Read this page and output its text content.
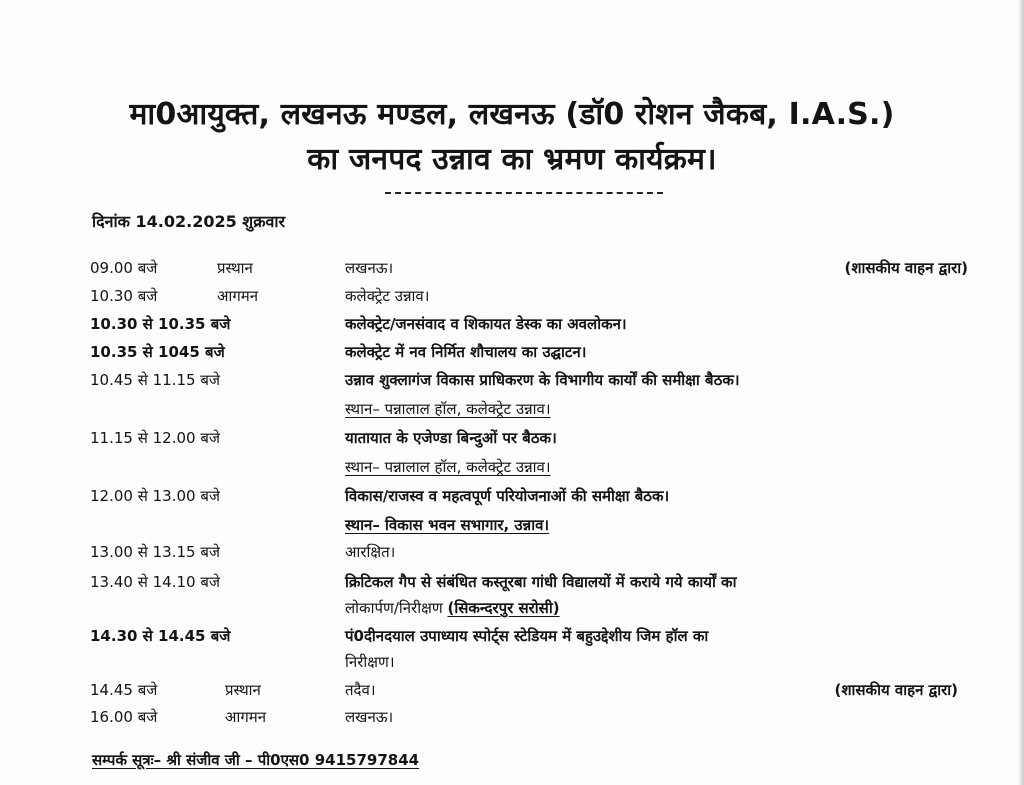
मा0आयुक्त, लखनऊ मण्डल, लखनऊ (डॉ0 रोशन जैकब, I.A.S.)
का जनपद उन्नाव का भ्रमण कार्यक्रम।
दिनांक 14.02.2025 शुक्रवार
09.00 बजे	प्रस्थान	लखनऊ।	(शासकीय वाहन द्वारा)
10.30 बजे	आगमन	कलेक्ट्रेट उन्नाव।
10.30 से 10.35 बजे	कलेक्ट्रेट/जनसंवाद व शिकायत डेस्क का अवलोकन।
10.35 से 1045 बजे	कलेक्ट्रेट में नव निर्मित शौचालय का उद्घाटन।
10.45 से 11.15 बजे	उन्नाव शुक्लागंज विकास प्राधिकरण के विभागीय कार्यों की समीक्षा बैठक।
स्थान– पन्नालाल हॉल, कलेक्ट्रेट उन्नाव।
11.15 से 12.00 बजे	यातायात के एजेण्डा बिन्दुओं पर बैठक।
स्थान– पन्नालाल हॉल, कलेक्ट्रेट उन्नाव।
12.00 से 13.00 बजे	विकास/राजस्व व महत्वपूर्ण परियोजनाओं की समीक्षा बैठक।
स्थान– विकास भवन सभागार, उन्नाव।
13.00 से 13.15 बजे	आरक्षित।
13.40 से 14.10 बजे	क्रिटिकल गैप से संबंधित कस्तूरबा गांधी विद्यालयों में कराये गये कार्यों का
लोकार्पण/निरीक्षण (सिकन्दरपुर सरोसी)
14.30 से 14.45 बजे	पं0दीनदयाल उपाध्याय स्पोर्ट्स स्टेडियम में बहुउद्देशीय जिम हॉल का
निरीक्षण।
14.45 बजे	प्रस्थान	तदैव।	(शासकीय वाहन द्वारा)
16.00 बजे	आगमन	लखनऊ।
सम्पर्क सूत्रः– श्री संजीव जी – पी0एस0 9415797844
